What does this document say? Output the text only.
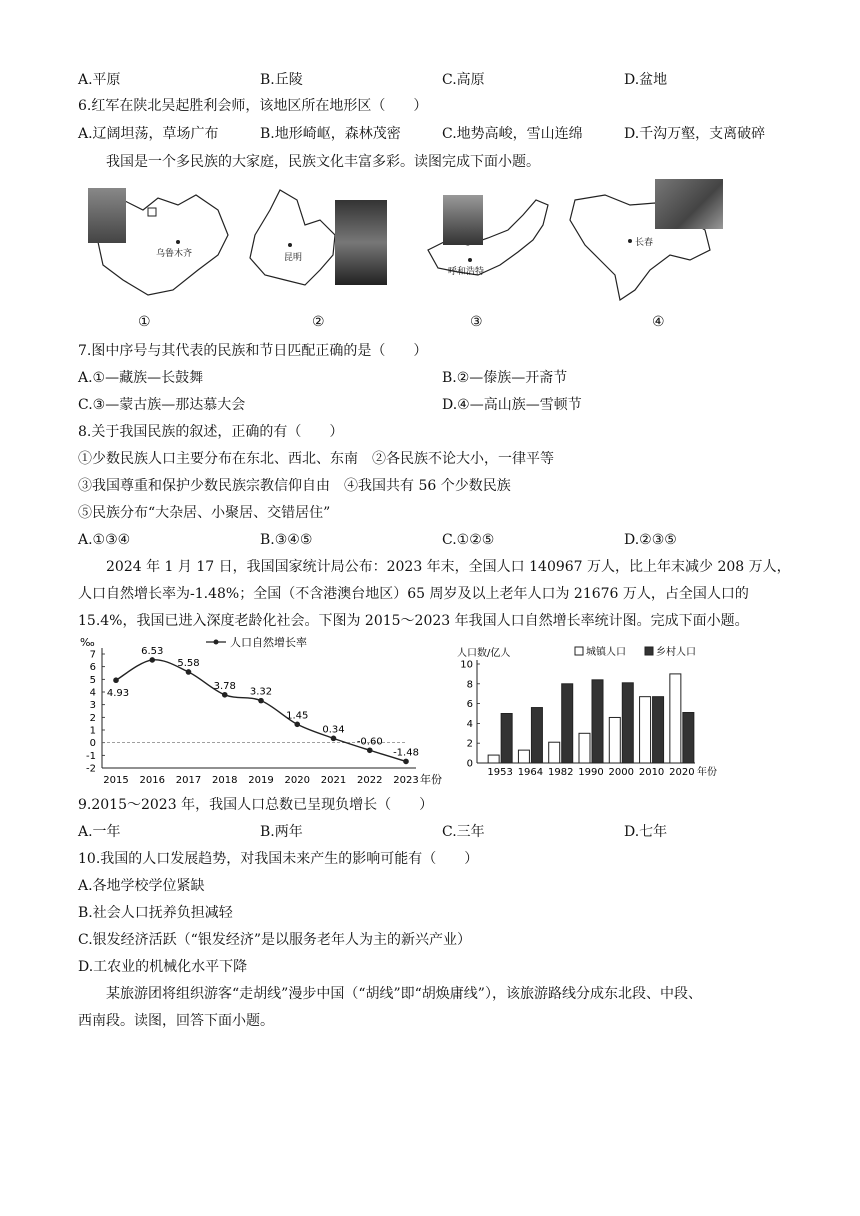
A.平原	B.丘陵	C.高原	D.盆地
6.红军在陕北吴起胜利会师，该地区所在地形区（　　）
A.辽阔坦荡，草场广布	B.地形崎岖，森林茂密	C.地势高峻，雪山连绵	D.千沟万壑，支离破碎
我国是一个多民族的大家庭，民族文化丰富多彩。读图完成下面小题。
乌鲁木齐
①
昆明
②
呼和浩特
③
长春
④
7.图中序号与其代表的民族和节日匹配正确的是（　　）
A.①—藏族—长鼓舞	B.②—傣族—开斋节
C.③—蒙古族—那达慕大会	D.④—高山族—雪顿节
8.关于我国民族的叙述，正确的有（　　）
①少数民族人口主要分布在东北、西北、东南　②各民族不论大小，一律平等
③我国尊重和保护少数民族宗教信仰自由　④我国共有 56 个少数民族
⑤民族分布“大杂居、小聚居、交错居住”
A.①③④	B.③④⑤	C.①②⑤	D.②③⑤
2024 年 1 月 17 日，我国国家统计局公布：2023 年末，全国人口 140967 万人，比上年末减少 208 万人，
人口自然增长率为-1.48%；全国（不含港澳台地区）65 周岁及以上老年人口为 21676 万人，占全国人口的
15.4%，我国已进入深度老龄化社会。下图为 2015～2023 年我国人口自然增长率统计图。完成下面小题。
‰	人口自然增长率
7
6
5
4
3
2
1
0
-1
-2
4.93
2015
6.53
2016
5.58
2017
3.78
2018
3.32
2019
1.45
2020
0.34
2021
-0.60
2022
-1.48
2023 年份
人口数/亿人	城镇人口	乡村人口
10
8
6
4
2
0
1953 1964 1982 1990 2000 2010 2020 年份
9.2015～2023 年，我国人口总数已呈现负增长（　　）
A.一年	B.两年	C.三年	D.七年
10.我国的人口发展趋势，对我国未来产生的影响可能有（　　）
A.各地学校学位紧缺
B.社会人口抚养负担减轻
C.银发经济活跃（“银发经济”是以服务老年人为主的新兴产业）
D.工农业的机械化水平下降
某旅游团将组织游客“走胡线”漫步中国（“胡线”即“胡焕庸线”），该旅游路线分成东北段、中段、
西南段。读图，回答下面小题。
